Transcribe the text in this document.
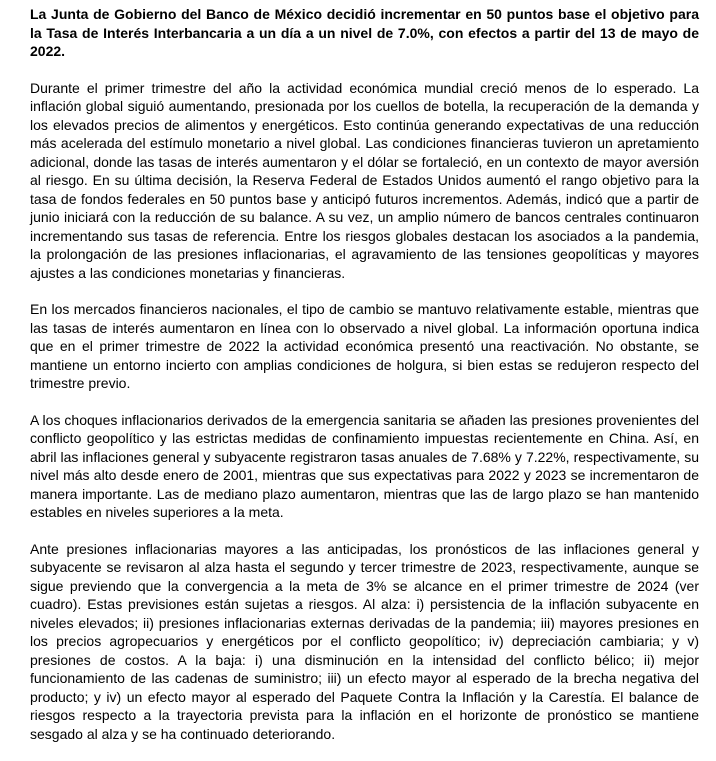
La Junta de Gobierno del Banco de México decidió incrementar en 50 puntos base el objetivo para la Tasa de Interés Interbancaria a un día a un nivel de 7.0%, con efectos a partir del 13 de mayo de 2022.

Durante el primer trimestre del año la actividad económica mundial creció menos de lo esperado. La inflación global siguió aumentando, presionada por los cuellos de botella, la recuperación de la demanda y los elevados precios de alimentos y energéticos. Esto continúa generando expectativas de una reducción más acelerada del estímulo monetario a nivel global. Las condiciones financieras tuvieron un apretamiento adicional, donde las tasas de interés aumentaron y el dólar se fortaleció, en un contexto de mayor aversión al riesgo. En su última decisión, la Reserva Federal de Estados Unidos aumentó el rango objetivo para la tasa de fondos federales en 50 puntos base y anticipó futuros incrementos. Además, indicó que a partir de junio iniciará con la reducción de su balance. A su vez, un amplio número de bancos centrales continuaron incrementando sus tasas de referencia. Entre los riesgos globales destacan los asociados a la pandemia, la prolongación de las presiones inflacionarias, el agravamiento de las tensiones geopolíticas y mayores ajustes a las condiciones monetarias y financieras.

En los mercados financieros nacionales, el tipo de cambio se mantuvo relativamente estable, mientras que las tasas de interés aumentaron en línea con lo observado a nivel global. La información oportuna indica que en el primer trimestre de 2022 la actividad económica presentó una reactivación. No obstante, se mantiene un entorno incierto con amplias condiciones de holgura, si bien estas se redujeron respecto del trimestre previo.

A los choques inflacionarios derivados de la emergencia sanitaria se añaden las presiones provenientes del conflicto geopolítico y las estrictas medidas de confinamiento impuestas recientemente en China. Así, en abril las inflaciones general y subyacente registraron tasas anuales de 7.68% y 7.22%, respectivamente, su nivel más alto desde enero de 2001, mientras que sus expectativas para 2022 y 2023 se incrementaron de manera importante. Las de mediano plazo aumentaron, mientras que las de largo plazo se han mantenido estables en niveles superiores a la meta.

Ante presiones inflacionarias mayores a las anticipadas, los pronósticos de las inflaciones general y subyacente se revisaron al alza hasta el segundo y tercer trimestre de 2023, respectivamente, aunque se sigue previendo que la convergencia a la meta de 3% se alcance en el primer trimestre de 2024 (ver cuadro). Estas previsiones están sujetas a riesgos. Al alza: i) persistencia de la inflación subyacente en niveles elevados; ii) presiones inflacionarias externas derivadas de la pandemia; iii) mayores presiones en los precios agropecuarios y energéticos por el conflicto geopolítico; iv) depreciación cambiaria; y v) presiones de costos. A la baja: i) una disminución en la intensidad del conflicto bélico; ii) mejor funcionamiento de las cadenas de suministro; iii) un efecto mayor al esperado de la brecha negativa del producto; y iv) un efecto mayor al esperado del Paquete Contra la Inflación y la Carestía. El balance de riesgos respecto a la trayectoria prevista para la inflación en el horizonte de pronóstico se mantiene sesgado al alza y se ha continuado deteriorando.
